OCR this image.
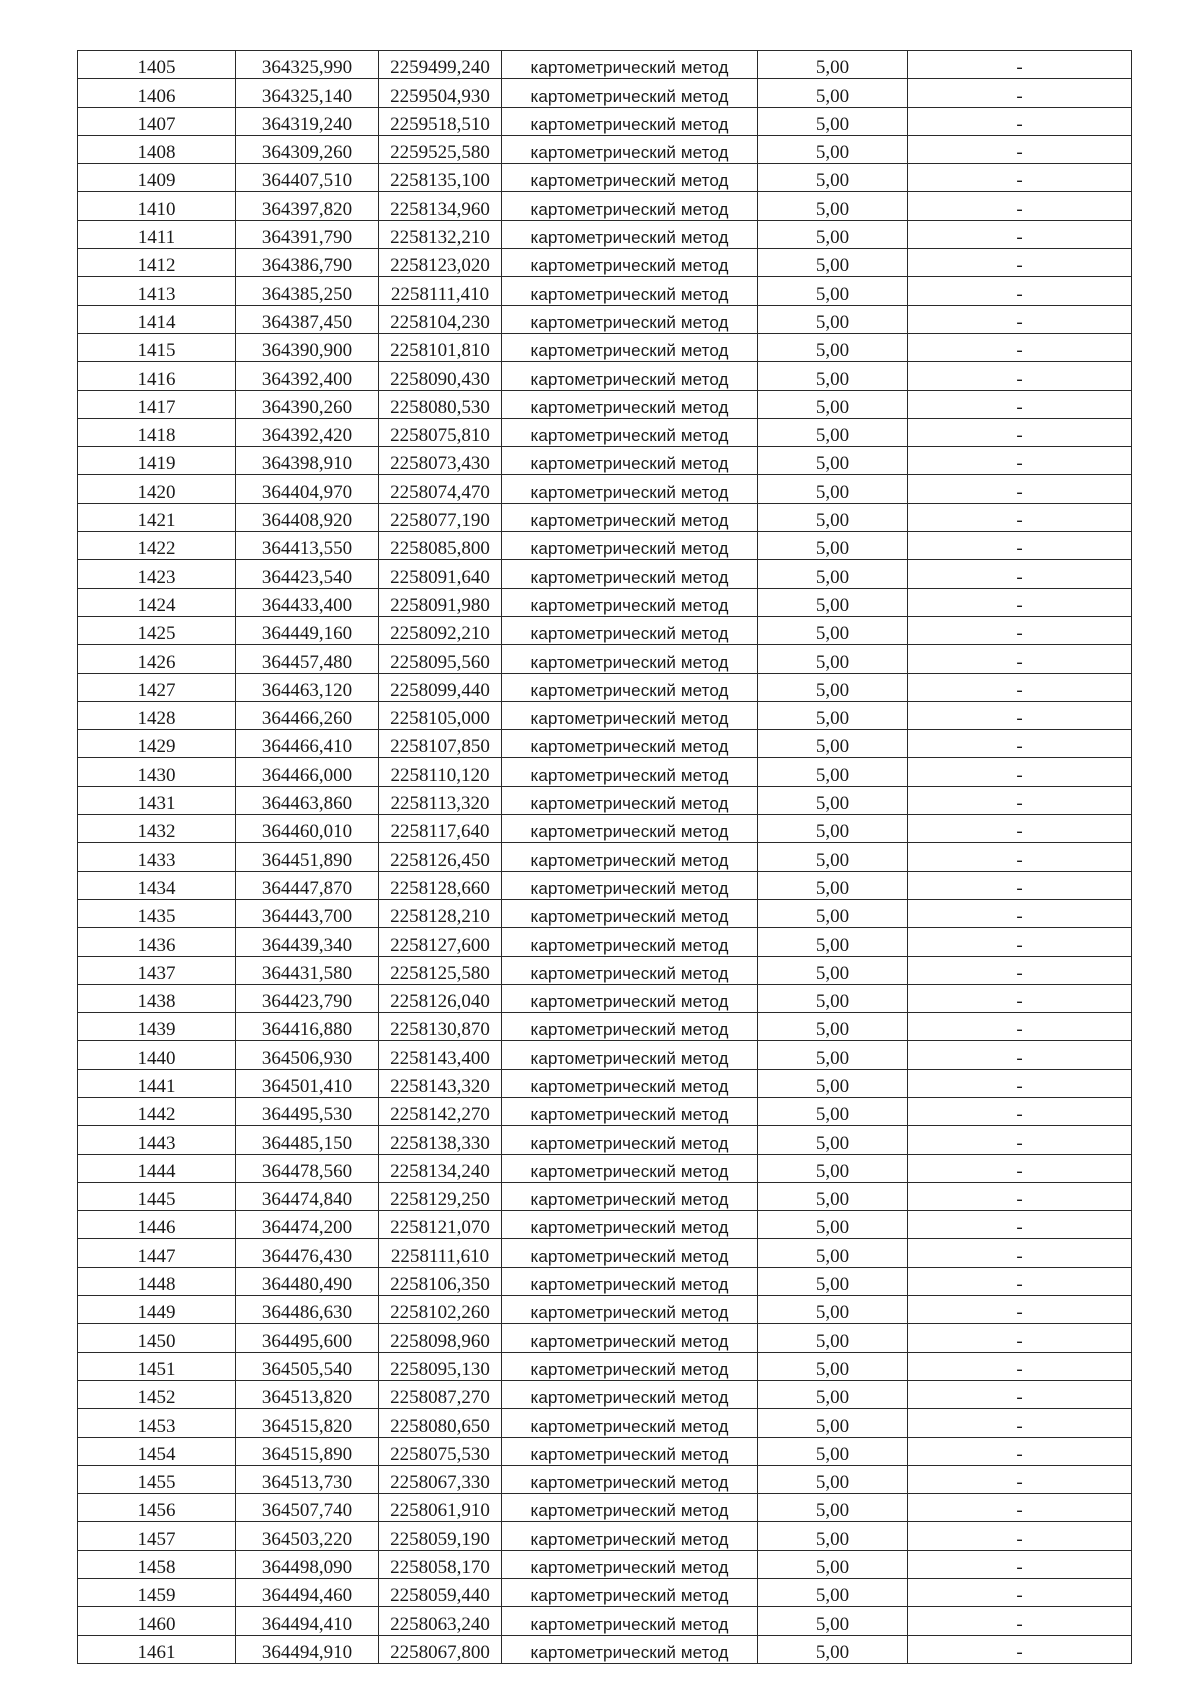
1405	364325,990	2259499,240	картометрический метод	5,00	-
1406	364325,140	2259504,930	картометрический метод	5,00	-
1407	364319,240	2259518,510	картометрический метод	5,00	-
1408	364309,260	2259525,580	картометрический метод	5,00	-
1409	364407,510	2258135,100	картометрический метод	5,00	-
1410	364397,820	2258134,960	картометрический метод	5,00	-
1411	364391,790	2258132,210	картометрический метод	5,00	-
1412	364386,790	2258123,020	картометрический метод	5,00	-
1413	364385,250	2258111,410	картометрический метод	5,00	-
1414	364387,450	2258104,230	картометрический метод	5,00	-
1415	364390,900	2258101,810	картометрический метод	5,00	-
1416	364392,400	2258090,430	картометрический метод	5,00	-
1417	364390,260	2258080,530	картометрический метод	5,00	-
1418	364392,420	2258075,810	картометрический метод	5,00	-
1419	364398,910	2258073,430	картометрический метод	5,00	-
1420	364404,970	2258074,470	картометрический метод	5,00	-
1421	364408,920	2258077,190	картометрический метод	5,00	-
1422	364413,550	2258085,800	картометрический метод	5,00	-
1423	364423,540	2258091,640	картометрический метод	5,00	-
1424	364433,400	2258091,980	картометрический метод	5,00	-
1425	364449,160	2258092,210	картометрический метод	5,00	-
1426	364457,480	2258095,560	картометрический метод	5,00	-
1427	364463,120	2258099,440	картометрический метод	5,00	-
1428	364466,260	2258105,000	картометрический метод	5,00	-
1429	364466,410	2258107,850	картометрический метод	5,00	-
1430	364466,000	2258110,120	картометрический метод	5,00	-
1431	364463,860	2258113,320	картометрический метод	5,00	-
1432	364460,010	2258117,640	картометрический метод	5,00	-
1433	364451,890	2258126,450	картометрический метод	5,00	-
1434	364447,870	2258128,660	картометрический метод	5,00	-
1435	364443,700	2258128,210	картометрический метод	5,00	-
1436	364439,340	2258127,600	картометрический метод	5,00	-
1437	364431,580	2258125,580	картометрический метод	5,00	-
1438	364423,790	2258126,040	картометрический метод	5,00	-
1439	364416,880	2258130,870	картометрический метод	5,00	-
1440	364506,930	2258143,400	картометрический метод	5,00	-
1441	364501,410	2258143,320	картометрический метод	5,00	-
1442	364495,530	2258142,270	картометрический метод	5,00	-
1443	364485,150	2258138,330	картометрический метод	5,00	-
1444	364478,560	2258134,240	картометрический метод	5,00	-
1445	364474,840	2258129,250	картометрический метод	5,00	-
1446	364474,200	2258121,070	картометрический метод	5,00	-
1447	364476,430	2258111,610	картометрический метод	5,00	-
1448	364480,490	2258106,350	картометрический метод	5,00	-
1449	364486,630	2258102,260	картометрический метод	5,00	-
1450	364495,600	2258098,960	картометрический метод	5,00	-
1451	364505,540	2258095,130	картометрический метод	5,00	-
1452	364513,820	2258087,270	картометрический метод	5,00	-
1453	364515,820	2258080,650	картометрический метод	5,00	-
1454	364515,890	2258075,530	картометрический метод	5,00	-
1455	364513,730	2258067,330	картометрический метод	5,00	-
1456	364507,740	2258061,910	картометрический метод	5,00	-
1457	364503,220	2258059,190	картометрический метод	5,00	-
1458	364498,090	2258058,170	картометрический метод	5,00	-
1459	364494,460	2258059,440	картометрический метод	5,00	-
1460	364494,410	2258063,240	картометрический метод	5,00	-
1461	364494,910	2258067,800	картометрический метод	5,00	-
